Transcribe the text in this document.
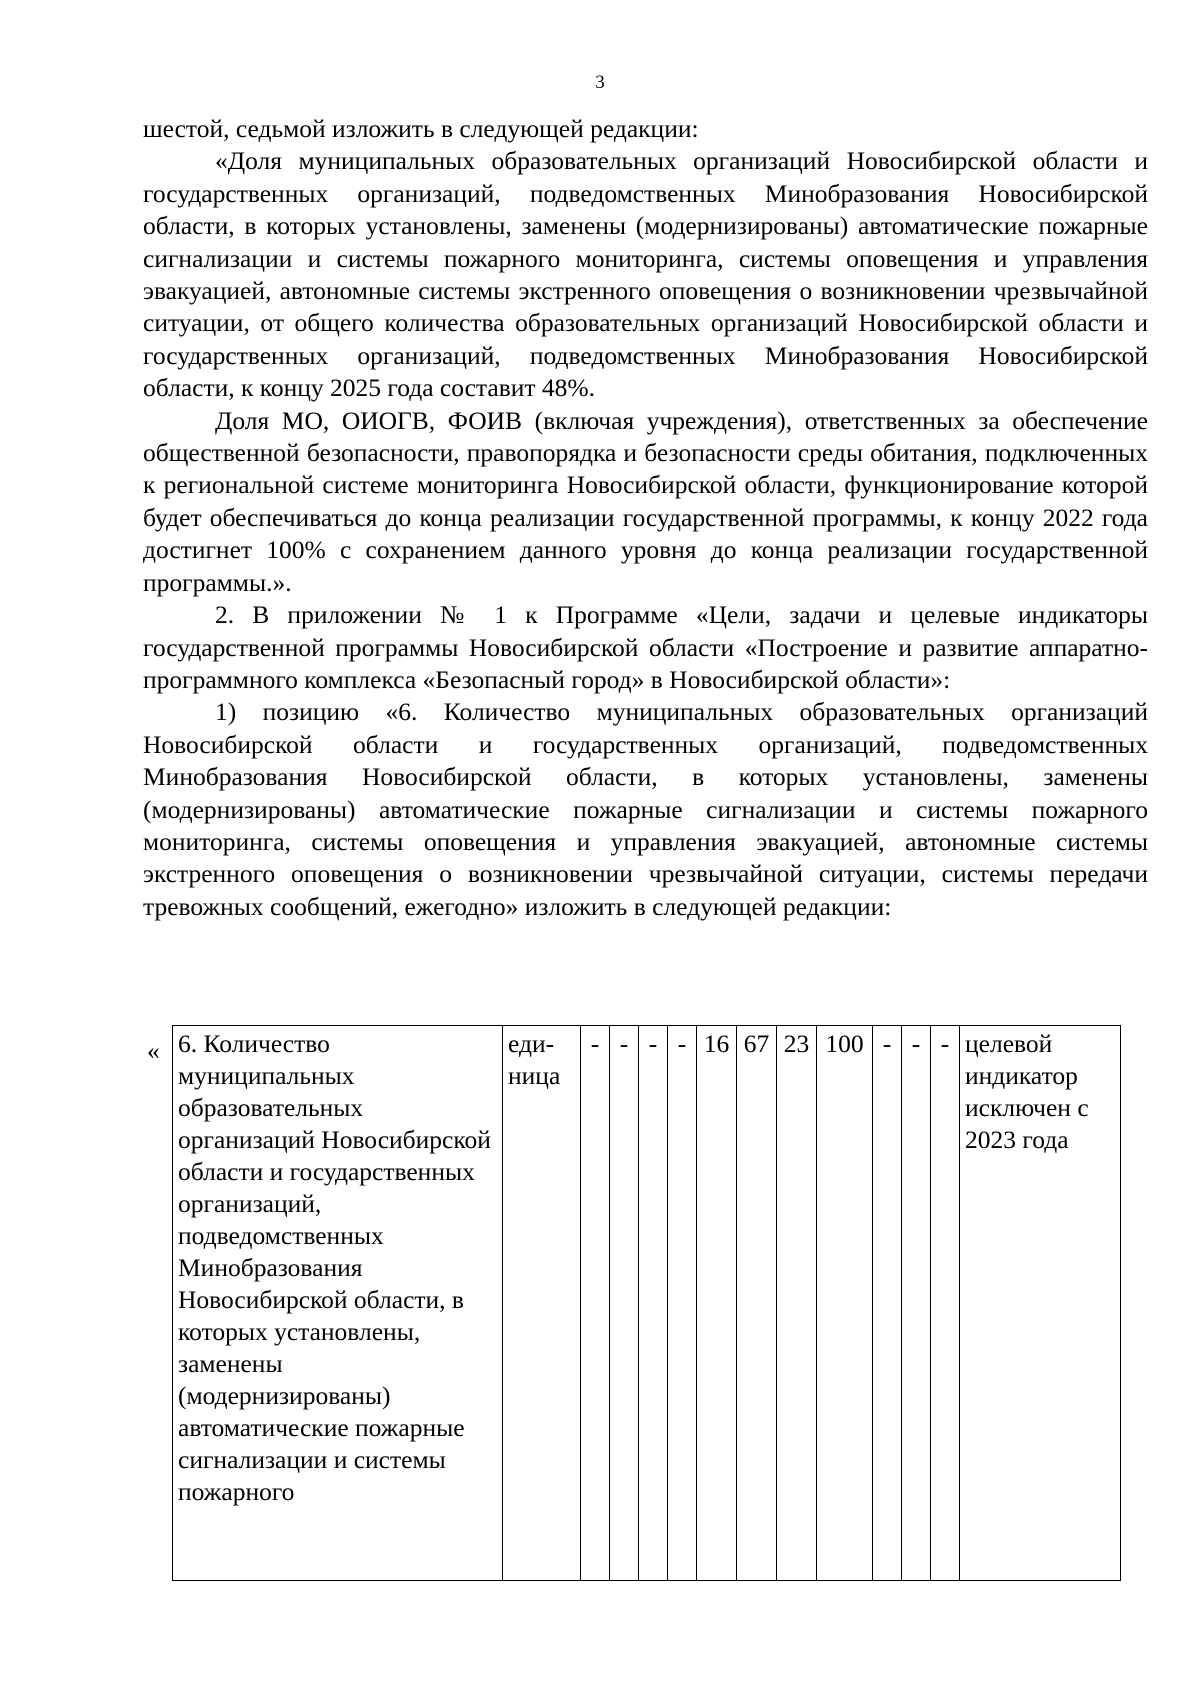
3

шестой, седьмой изложить в следующей редакции:

«Доля муниципальных образовательных организаций Новосибирской области и государственных организаций, подведомственных Минобразования Новосибирской области, в которых установлены, заменены (модернизированы) автоматические пожарные сигнализации и системы пожарного мониторинга, системы оповещения и управления эвакуацией, автономные системы экстренного оповещения о возникновении чрезвычайной ситуации, от общего количества образовательных организаций Новосибирской области и государственных организаций, подведомственных Минобразования Новосибирской области, к концу 2025 года составит 48%.

Доля МО, ОИОГВ, ФОИВ (включая учреждения), ответственных за обеспечение общественной безопасности, правопорядка и безопасности среды обитания, подключенных к региональной системе мониторинга Новосибирской области, функционирование которой будет обеспечиваться до конца реализации государственной программы, к концу 2022 года достигнет 100% с сохранением данного уровня до конца реализации государственной программы.».

2. В приложении № 1 к Программе «Цели, задачи и целевые индикаторы государственной программы Новосибирской области «Построение и развитие аппаратно-программного комплекса «Безопасный город» в Новосибирской области»:

1) позицию «6. Количество муниципальных образовательных организаций Новосибирской области и государственных организаций, подведомственных Минобразования Новосибирской области, в которых установлены, заменены (модернизированы) автоматические пожарные сигнализации и системы пожарного мониторинга, системы оповещения и управления эвакуацией, автономные системы экстренного оповещения о возникновении чрезвычайной ситуации, системы передачи тревожных сообщений, ежегодно» изложить в следующей редакции:

« 6. Количество муниципальных образовательных организаций Новосибирской области и государственных организаций, подведомственных Минобразования Новосибирской области, в которых установлены, заменены (модернизированы) автоматические пожарные сигнализации и системы пожарного	еди-ница	-	-	-	-	16	67	23	100	-	-	-	целевой индикатор исключен с 2023 года
